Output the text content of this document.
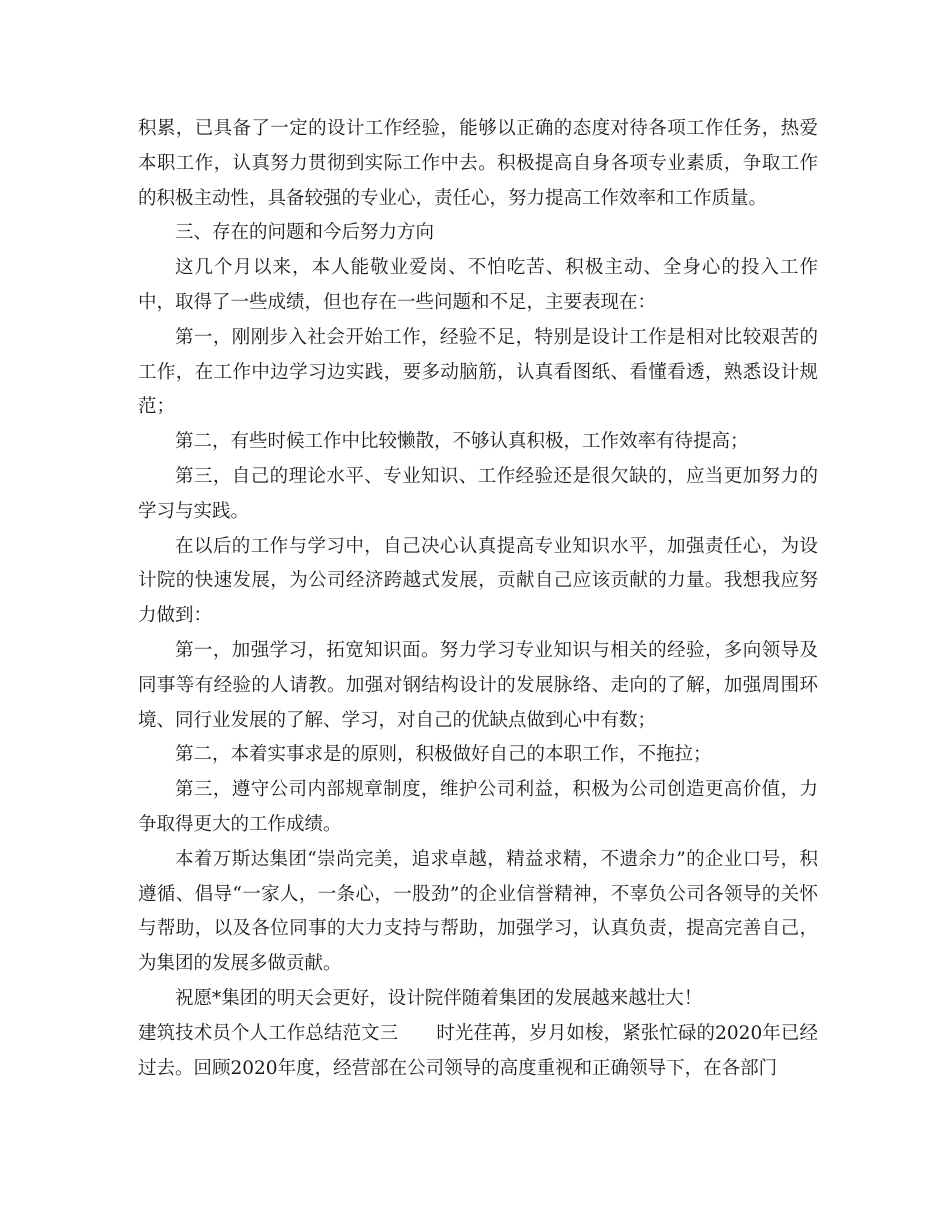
积累，已具备了一定的设计工作经验，能够以正确的态度对待各项工作任务，热爱本职工作，认真努力贯彻到实际工作中去。积极提高自身各项专业素质，争取工作的积极主动性，具备较强的专业心，责任心，努力提高工作效率和工作质量。

三、存在的问题和今后努力方向

这几个月以来，本人能敬业爱岗、不怕吃苦、积极主动、全身心的投入工作中，取得了一些成绩，但也存在一些问题和不足，主要表现在：

第一，刚刚步入社会开始工作，经验不足，特别是设计工作是相对比较艰苦的工作，在工作中边学习边实践，要多动脑筋，认真看图纸、看懂看透，熟悉设计规范；

第二，有些时候工作中比较懒散，不够认真积极，工作效率有待提高；

第三，自己的理论水平、专业知识、工作经验还是很欠缺的，应当更加努力的学习与实践。

在以后的工作与学习中，自己决心认真提高专业知识水平，加强责任心，为设计院的快速发展，为公司经济跨越式发展，贡献自己应该贡献的力量。我想我应努力做到：

第一，加强学习，拓宽知识面。努力学习专业知识与相关的经验，多向领导及同事等有经验的人请教。加强对钢结构设计的发展脉络、走向的了解，加强周围环境、同行业发展的了解、学习，对自己的优缺点做到心中有数；

第二，本着实事求是的原则，积极做好自己的本职工作，不拖拉；

第三，遵守公司内部规章制度，维护公司利益，积极为公司创造更高价值，力争取得更大的工作成绩。

本着万斯达集团“崇尚完美，追求卓越，精益求精，不遗余力”的企业口号，积遵循、倡导“一家人，一条心，一股劲”的企业信誉精神，不辜负公司各领导的关怀与帮助，以及各位同事的大力支持与帮助，加强学习，认真负责，提高完善自己，为集团的发展多做贡献。

祝愿*集团的明天会更好，设计院伴随着集团的发展越来越壮大！

建筑技术员个人工作总结范文三 时光荏苒，岁月如梭，紧张忙碌的2020年已经过去。回顾2020年度，经营部在公司领导的高度重视和正确领导下，在各部门
